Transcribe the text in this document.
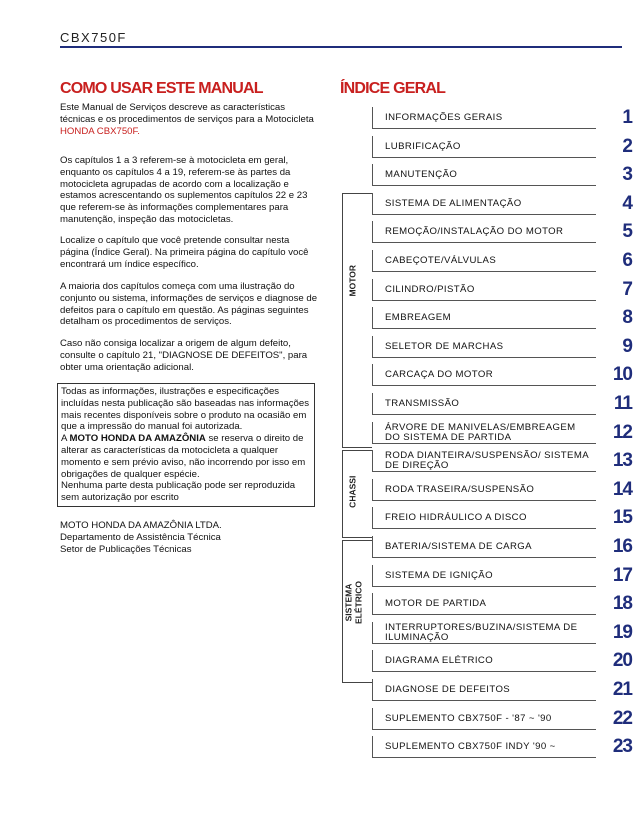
CBX750F
COMO USAR ESTE MANUAL

Este Manual de Serviços descreve as características técnicas e os procedimentos de serviços para a Motocicleta HONDA CBX750F.

Os capítulos 1 a 3 referem-se à motocicleta em geral, enquanto os capítulos 4 a 19, referem-se às partes da motocicleta agrupadas de acordo com a localização e estamos acrescentando os suplementos capítulos 22 e 23 que referem-se às informações complementares para manutenção, inspeção das motocicletas.

Localize o capítulo que você pretende consultar nesta página (Índice Geral). Na primeira página do capítulo você encontrará um índice específico.

A maioria dos capítulos começa com uma ilustração do conjunto ou sistema, informações de serviços e diagnose de defeitos para o capítulo em questão. As páginas seguintes detalham os procedimentos de serviços.

Caso não consiga localizar a origem de algum defeito, consulte o capítulo 21, "DIAGNOSE DE DEFEITOS", para obter uma orientação adicional.

Todas as informações, ilustrações e especificações incluídas nesta publicação são baseadas nas informações mais recentes disponíveis sobre o produto na ocasião em que a impressão do manual foi autorizada.
A MOTO HONDA DA AMAZÔNIA se reserva o direito de alterar as características da motocicleta a qualquer momento e sem prévio aviso, não incorrendo por isso em obrigações de qualquer espécie.
Nenhuma parte desta publicação pode ser reproduzida sem autorização por escrito
MOTO HONDA DA AMAZÔNIA LTDA.
Departamento de Assistência Técnica
Setor de Publicações Técnicas
ÍNDICE GERAL
MOTOR
CHASSI
SISTEMA
ELÉTRICO
INFORMAÇÕES GERAIS	1
LUBRIFICAÇÃO	2
MANUTENÇÃO	3
SISTEMA DE ALIMENTAÇÃO	4
REMOÇÃO/INSTALAÇÃO DO MOTOR	5
CABEÇOTE/VÁLVULAS	6
CILINDRO/PISTÃO	7
EMBREAGEM	8
SELETOR DE MARCHAS	9
CARCAÇA DO MOTOR	10
TRANSMISSÃO	11
ÁRVORE DE MANIVELAS/EMBREAGEM DO SISTEMA DE PARTIDA	12
RODA DIANTEIRA/SUSPENSÃO/ SISTEMA DE DIREÇÃO	13
RODA TRASEIRA/SUSPENSÃO	14
FREIO HIDRÁULICO A DISCO	15
BATERIA/SISTEMA DE CARGA	16
SISTEMA DE IGNIÇÃO	17
MOTOR DE PARTIDA	18
INTERRUPTORES/BUZINA/SISTEMA DE ILUMINAÇÃO	19
DIAGRAMA ELÉTRICO	20
DIAGNOSE DE DEFEITOS	21
SUPLEMENTO CBX750F - '87 ~ '90	22
SUPLEMENTO CBX750F INDY '90 ~	23
